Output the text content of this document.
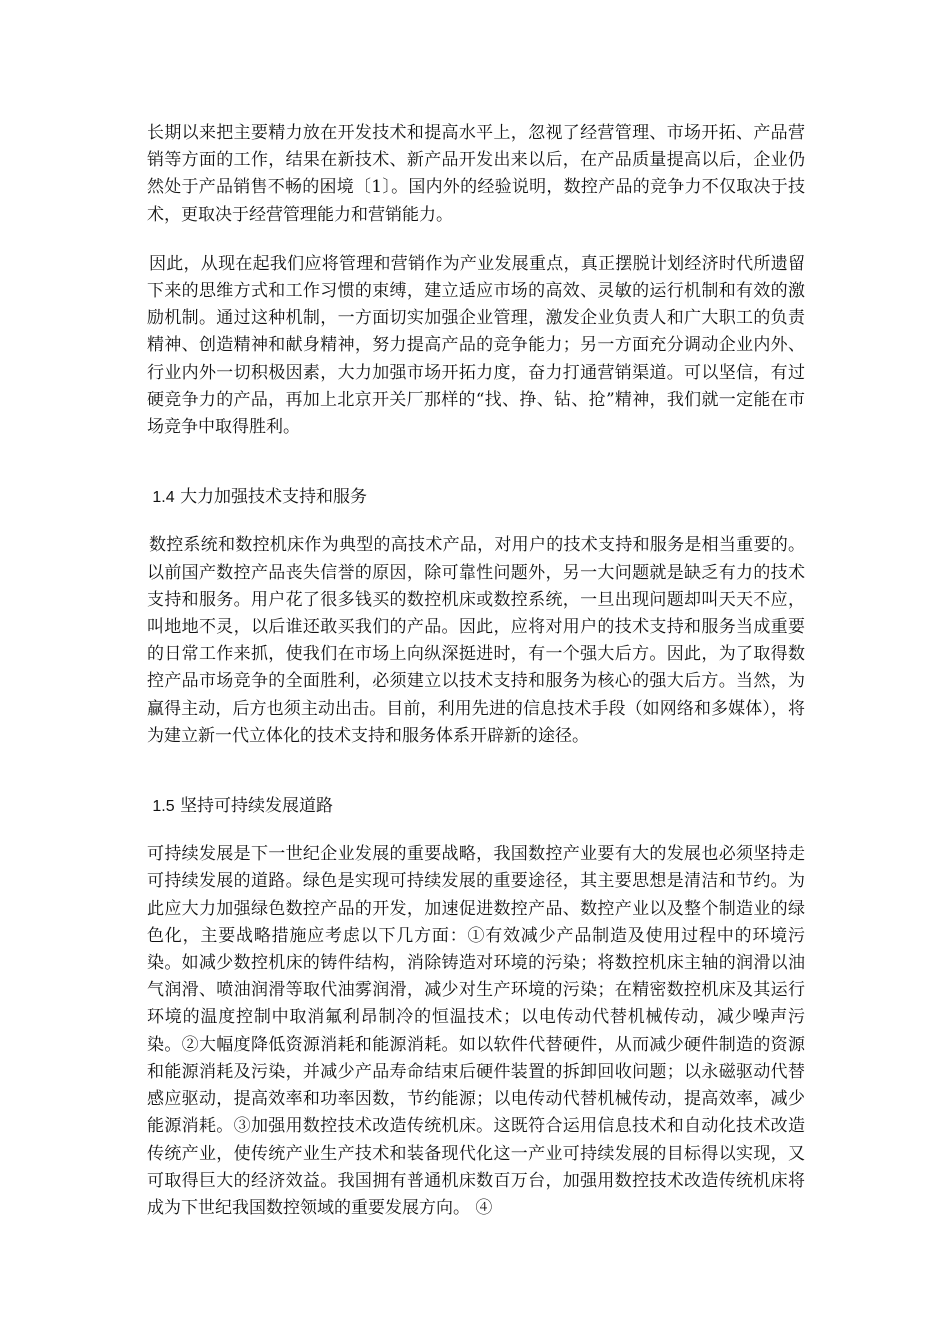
长期以来把主要精力放在开发技术和提高水平上，忽视了经营管理、市场开拓、产品营销等方面的工作，结果在新技术、新产品开发出来以后，在产品质量提高以后，企业仍然处于产品销售不畅的困境〔1〕。国内外的经验说明，数控产品的竞争力不仅取决于技术，更取决于经营管理能力和营销能力。

因此，从现在起我们应将管理和营销作为产业发展重点，真正摆脱计划经济时代所遗留下来的思维方式和工作习惯的束缚，建立适应市场的高效、灵敏的运行机制和有效的激励机制。通过这种机制，一方面切实加强企业管理，激发企业负责人和广大职工的负责精神、创造精神和献身精神，努力提高产品的竞争能力；另一方面充分调动企业内外、行业内外一切积极因素，大力加强市场开拓力度，奋力打通营销渠道。可以坚信，有过硬竞争力的产品，再加上北京开关厂那样的“找、挣、钻、抢”精神，我们就一定能在市场竞争中取得胜利。

1.4 大力加强技术支持和服务

数控系统和数控机床作为典型的高技术产品，对用户的技术支持和服务是相当重要的。以前国产数控产品丧失信誉的原因，除可靠性问题外，另一大问题就是缺乏有力的技术支持和服务。用户花了很多钱买的数控机床或数控系统，一旦出现问题却叫天天不应，叫地地不灵，以后谁还敢买我们的产品。因此，应将对用户的技术支持和服务当成重要的日常工作来抓，使我们在市场上向纵深挺进时，有一个强大后方。因此，为了取得数控产品市场竞争的全面胜利，必须建立以技术支持和服务为核心的强大后方。当然，为赢得主动，后方也须主动出击。目前，利用先进的信息技术手段（如网络和多媒体），将为建立新一代立体化的技术支持和服务体系开辟新的途径。

1.5 坚持可持续发展道路

可持续发展是下一世纪企业发展的重要战略，我国数控产业要有大的发展也必须坚持走可持续发展的道路。绿色是实现可持续发展的重要途径，其主要思想是清洁和节约。为此应大力加强绿色数控产品的开发，加速促进数控产品、数控产业以及整个制造业的绿色化，主要战略措施应考虑以下几方面：①有效减少产品制造及使用过程中的环境污染。如减少数控机床的铸件结构，消除铸造对环境的污染；将数控机床主轴的润滑以油气润滑、喷油润滑等取代油雾润滑，减少对生产环境的污染；在精密数控机床及其运行环境的温度控制中取消氟利昂制冷的恒温技术；以电传动代替机械传动，减少噪声污染。②大幅度降低资源消耗和能源消耗。如以软件代替硬件，从而减少硬件制造的资源和能源消耗及污染，并减少产品寿命结束后硬件装置的拆卸回收问题；以永磁驱动代替感应驱动，提高效率和功率因数，节约能源；以电传动代替机械传动，提高效率，减少能源消耗。③加强用数控技术改造传统机床。这既符合运用信息技术和自动化技术改造传统产业，使传统产业生产技术和装备现代化这一产业可持续发展的目标得以实现，又可取得巨大的经济效益。我国拥有普通机床数百万台，加强用数控技术改造传统机床将成为下世纪我国数控领域的重要发展方向。 ④
